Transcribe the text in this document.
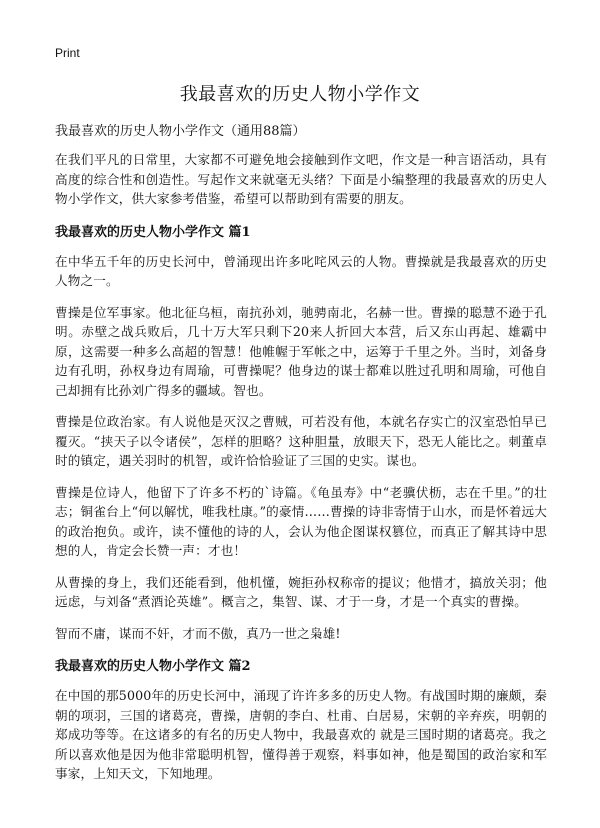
Print
我最喜欢的历史人物小学作文

我最喜欢的历史人物小学作文（通用88篇）

在我们平凡的日常里，大家都不可避免地会接触到作文吧，作文是一种言语活动，具有高度的综合性和创造性。写起作文来就毫无头绪？下面是小编整理的我最喜欢的历史人物小学作文，供大家参考借鉴，希望可以帮助到有需要的朋友。

我最喜欢的历史人物小学作文 篇1

在中华五千年的历史长河中，曾涌现出许多叱咤风云的人物。曹操就是我最喜欢的历史人物之一。

曹操是位军事家。他北征乌桓，南抗孙刘，驰骋南北，名赫一世。曹操的聪慧不逊于孔明。赤壁之战兵败后，几十万大军只剩下20来人折回大本营，后又东山再起、雄霸中原，这需要一种多么高超的智慧！他帷幄于军帐之中，运筹于千里之外。当时，刘备身边有孔明，孙权身边有周瑜，可曹操呢？他身边的谋士都难以胜过孔明和周瑜，可他自己却拥有比孙刘广得多的疆域。智也。

曹操是位政治家。有人说他是灭汉之曹贼，可若没有他，本就名存实亡的汉室恐怕早已覆灭。“挟天子以令诸侯”，怎样的胆略？这种胆量，放眼天下，恐无人能比之。刺董卓时的镇定，遇关羽时的机智，或许恰恰验证了三国的史实。谋也。

曹操是位诗人，他留下了许多不朽的`诗篇。《龟虽寿》中“老骥伏枥，志在千里。”的壮志；铜雀台上“何以解忧，唯我杜康。”的豪情……曹操的诗非寄情于山水，而是怀着远大的政治抱负。或许，读不懂他的诗的人，会认为他企图谋权篡位，而真正了解其诗中思想的人，肯定会长赞一声：才也！

从曹操的身上，我们还能看到，他机懂，婉拒孙权称帝的提议；他惜才，搞放关羽；他远虑，与刘备“煮酒论英雄”。概言之，集智、谋、才于一身，才是一个真实的曹操。

智而不庸，谋而不奸，才而不傲，真乃一世之枭雄!

我最喜欢的历史人物小学作文 篇2

在中国的那5000年的历史长河中，涌现了许许多多的历史人物。有战国时期的廉颇，秦朝的项羽，三国的诸葛亮，曹操，唐朝的李白、杜甫、白居易，宋朝的辛弃疾，明朝的郑成功等等。在这诸多的有名的历史人物中，我最喜欢的 就是三国时期的诸葛亮。我之所以喜欢他是因为他非常聪明机智，懂得善于观察，料事如神，他是蜀国的政治家和军事家，上知天文，下知地理。
